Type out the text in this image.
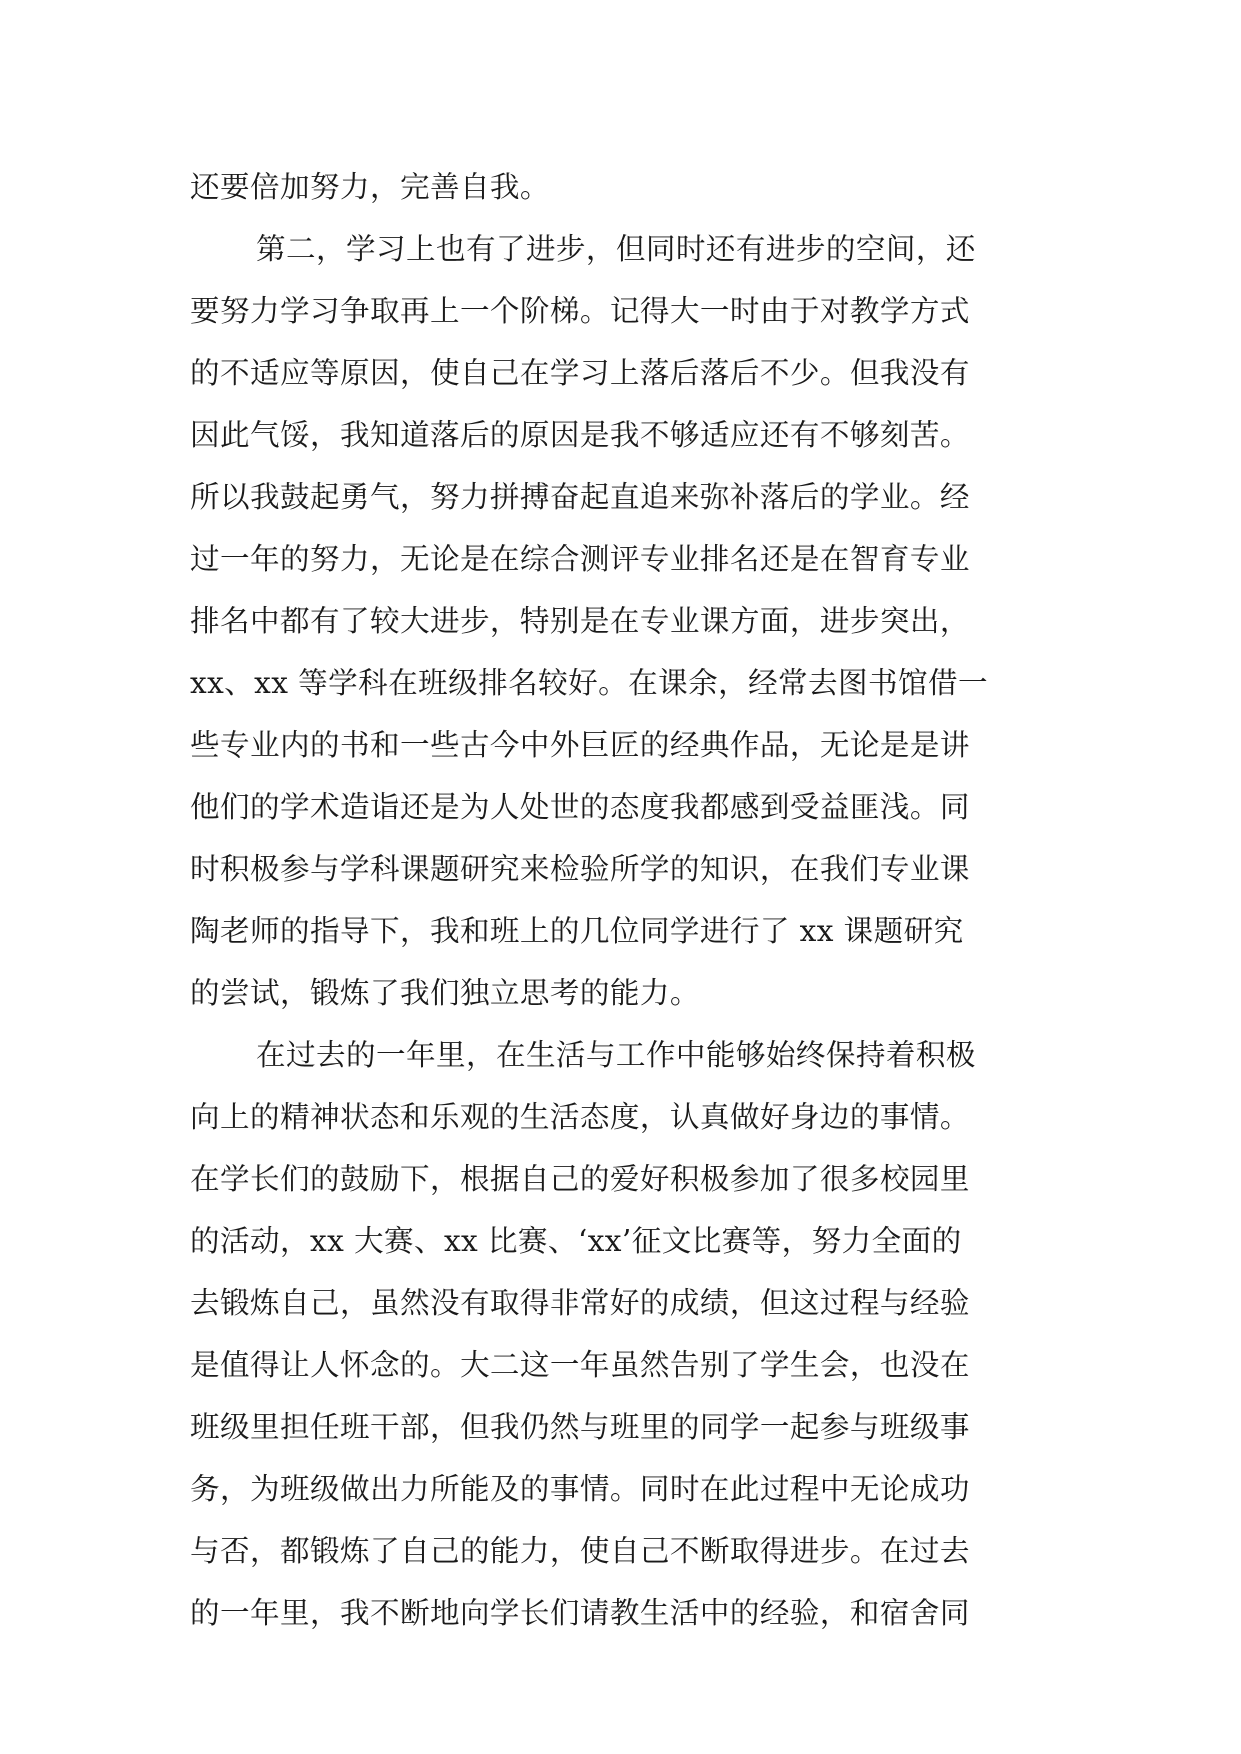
还要倍加努力，完善自我。
第二，学习上也有了进步，但同时还有进步的空间，还
要努力学习争取再上一个阶梯。记得大一时由于对教学方式
的不适应等原因，使自己在学习上落后落后不少。但我没有
因此气馁，我知道落后的原因是我不够适应还有不够刻苦。
所以我鼓起勇气，努力拼搏奋起直追来弥补落后的学业。经
过一年的努力，无论是在综合测评专业排名还是在智育专业
排名中都有了较大进步，特别是在专业课方面，进步突出，
xx、xx 等学科在班级排名较好。在课余，经常去图书馆借一
些专业内的书和一些古今中外巨匠的经典作品，无论是是讲
他们的学术造诣还是为人处世的态度我都感到受益匪浅。同
时积极参与学科课题研究来检验所学的知识，在我们专业课
陶老师的指导下，我和班上的几位同学进行了 xx 课题研究
的尝试，锻炼了我们独立思考的能力。
在过去的一年里，在生活与工作中能够始终保持着积极
向上的精神状态和乐观的生活态度，认真做好身边的事情。
在学长们的鼓励下，根据自己的爱好积极参加了很多校园里
的活动，xx 大赛、xx 比赛、‘xx’征文比赛等，努力全面的
去锻炼自己，虽然没有取得非常好的成绩，但这过程与经验
是值得让人怀念的。大二这一年虽然告别了学生会，也没在
班级里担任班干部，但我仍然与班里的同学一起参与班级事
务，为班级做出力所能及的事情。同时在此过程中无论成功
与否，都锻炼了自己的能力，使自己不断取得进步。在过去
的一年里，我不断地向学长们请教生活中的经验，和宿舍同
